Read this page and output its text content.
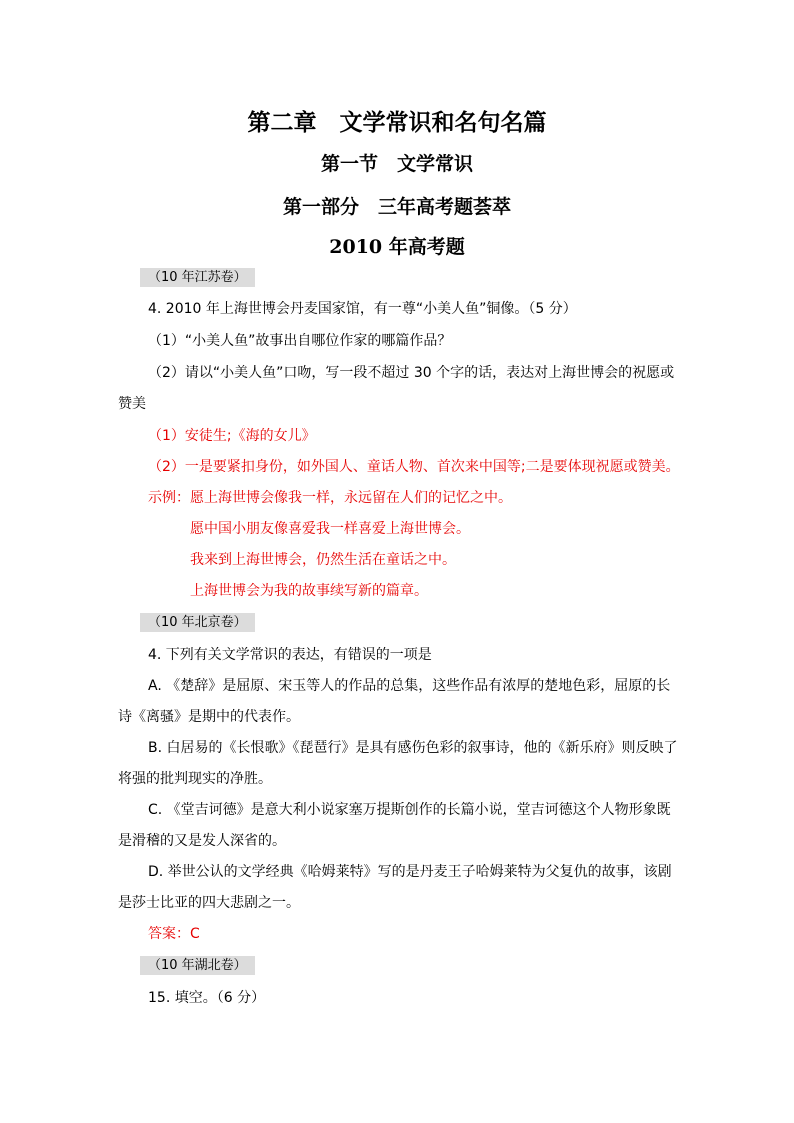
第二章　文学常识和名句名篇
第一节　文学常识
第一部分　三年高考题荟萃
2010 年高考题
（10 年江苏卷）
4. 2010 年上海世博会丹麦国家馆，有一尊“小美人鱼”铜像。（5 分）
（1）“小美人鱼”故事出自哪位作家的哪篇作品？
（2）请以“小美人鱼”口吻，写一段不超过 30 个字的话，表达对上海世博会的祝愿或
赞美
（1）安徒生;《海的女儿》
（2）一是要紧扣身份，如外国人、童话人物、首次来中国等;二是要体现祝愿或赞美。
示例： 愿上海世博会像我一样，永远留在人们的记忆之中。
愿中国小朋友像喜爱我一样喜爱上海世博会。
我来到上海世博会，仍然生活在童话之中。
上海世博会为我的故事续写新的篇章。
（10 年北京卷）
4. 下列有关文学常识的表达，有错误的一项是
A. 《楚辞》是屈原、宋玉等人的作品的总集，这些作品有浓厚的楚地色彩，屈原的长
诗《离骚》是期中的代表作。
B. 白居易的《长恨歌》《琵琶行》是具有感伤色彩的叙事诗，他的《新乐府》则反映了
将强的批判现实的净胜。
C. 《堂吉诃德》是意大利小说家塞万提斯创作的长篇小说，堂吉诃德这个人物形象既
是滑稽的又是发人深省的。
D. 举世公认的文学经典《哈姆莱特》写的是丹麦王子哈姆莱特为父复仇的故事，该剧
是莎士比亚的四大悲剧之一。
答案：C
（10 年湖北卷）
15. 填空。（6 分）
